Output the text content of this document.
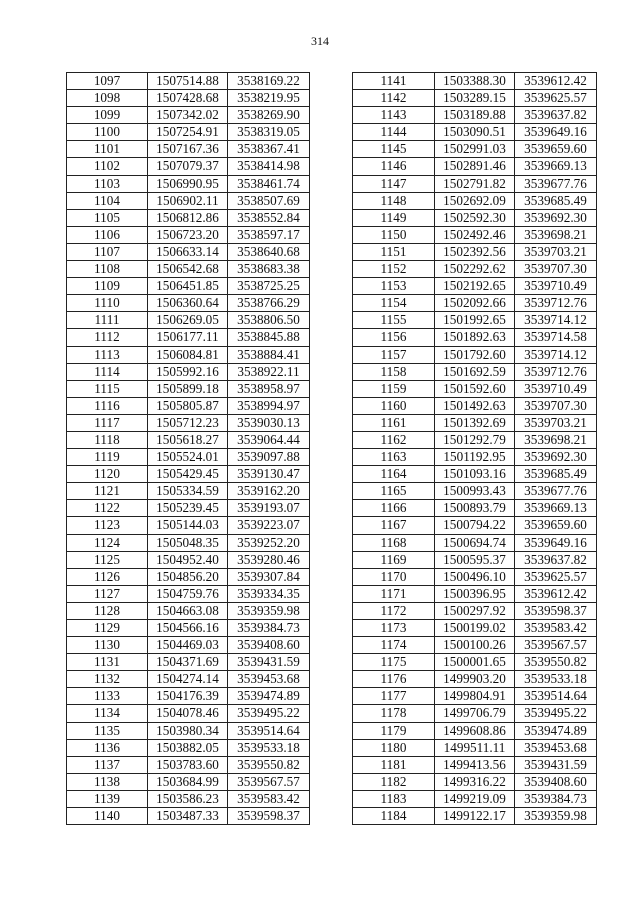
314
1097	1507514.88	3538169.22
1098	1507428.68	3538219.95
1099	1507342.02	3538269.90
1100	1507254.91	3538319.05
1101	1507167.36	3538367.41
1102	1507079.37	3538414.98
1103	1506990.95	3538461.74
1104	1506902.11	3538507.69
1105	1506812.86	3538552.84
1106	1506723.20	3538597.17
1107	1506633.14	3538640.68
1108	1506542.68	3538683.38
1109	1506451.85	3538725.25
1110	1506360.64	3538766.29
1111	1506269.05	3538806.50
1112	1506177.11	3538845.88
1113	1506084.81	3538884.41
1114	1505992.16	3538922.11
1115	1505899.18	3538958.97
1116	1505805.87	3538994.97
1117	1505712.23	3539030.13
1118	1505618.27	3539064.44
1119	1505524.01	3539097.88
1120	1505429.45	3539130.47
1121	1505334.59	3539162.20
1122	1505239.45	3539193.07
1123	1505144.03	3539223.07
1124	1505048.35	3539252.20
1125	1504952.40	3539280.46
1126	1504856.20	3539307.84
1127	1504759.76	3539334.35
1128	1504663.08	3539359.98
1129	1504566.16	3539384.73
1130	1504469.03	3539408.60
1131	1504371.69	3539431.59
1132	1504274.14	3539453.68
1133	1504176.39	3539474.89
1134	1504078.46	3539495.22
1135	1503980.34	3539514.64
1136	1503882.05	3539533.18
1137	1503783.60	3539550.82
1138	1503684.99	3539567.57
1139	1503586.23	3539583.42
1140	1503487.33	3539598.37
1141	1503388.30	3539612.42
1142	1503289.15	3539625.57
1143	1503189.88	3539637.82
1144	1503090.51	3539649.16
1145	1502991.03	3539659.60
1146	1502891.46	3539669.13
1147	1502791.82	3539677.76
1148	1502692.09	3539685.49
1149	1502592.30	3539692.30
1150	1502492.46	3539698.21
1151	1502392.56	3539703.21
1152	1502292.62	3539707.30
1153	1502192.65	3539710.49
1154	1502092.66	3539712.76
1155	1501992.65	3539714.12
1156	1501892.63	3539714.58
1157	1501792.60	3539714.12
1158	1501692.59	3539712.76
1159	1501592.60	3539710.49
1160	1501492.63	3539707.30
1161	1501392.69	3539703.21
1162	1501292.79	3539698.21
1163	1501192.95	3539692.30
1164	1501093.16	3539685.49
1165	1500993.43	3539677.76
1166	1500893.79	3539669.13
1167	1500794.22	3539659.60
1168	1500694.74	3539649.16
1169	1500595.37	3539637.82
1170	1500496.10	3539625.57
1171	1500396.95	3539612.42
1172	1500297.92	3539598.37
1173	1500199.02	3539583.42
1174	1500100.26	3539567.57
1175	1500001.65	3539550.82
1176	1499903.20	3539533.18
1177	1499804.91	3539514.64
1178	1499706.79	3539495.22
1179	1499608.86	3539474.89
1180	1499511.11	3539453.68
1181	1499413.56	3539431.59
1182	1499316.22	3539408.60
1183	1499219.09	3539384.73
1184	1499122.17	3539359.98
